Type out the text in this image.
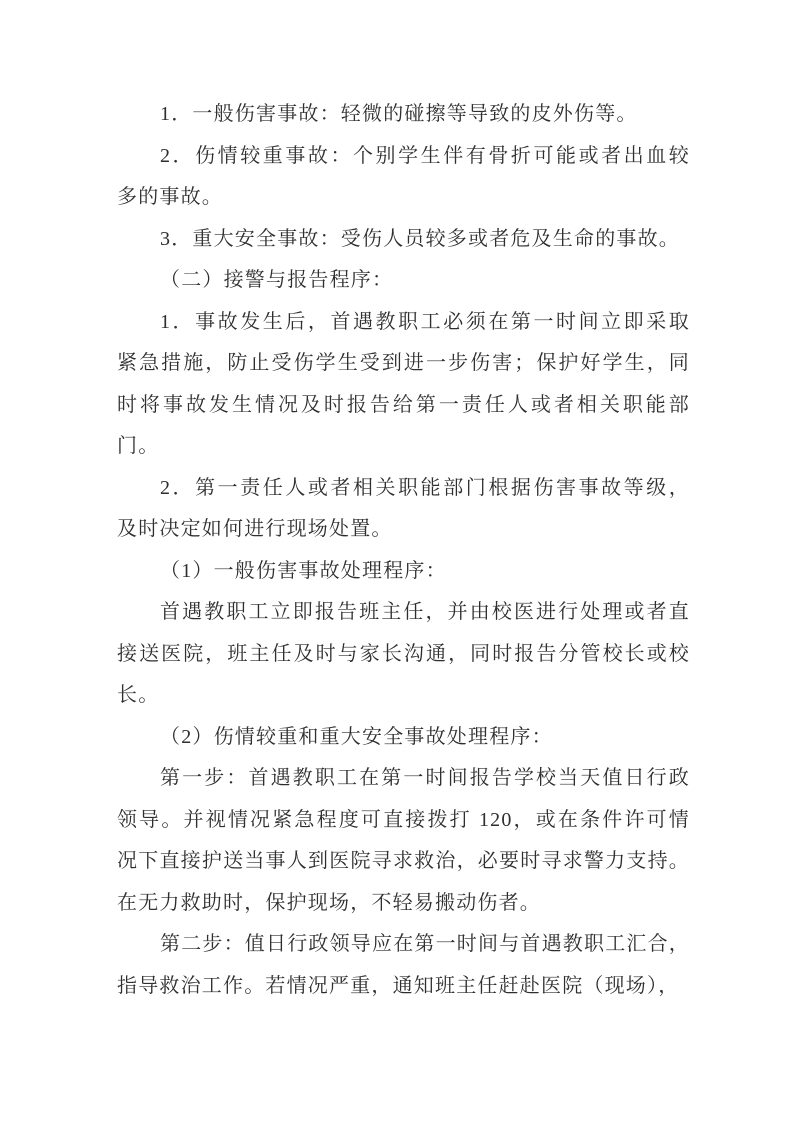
1．一般伤害事故：轻微的碰擦等导致的皮外伤等。
2．伤情较重事故：个别学生伴有骨折可能或者出血较
多的事故。
3．重大安全事故：受伤人员较多或者危及生命的事故。
（二）接警与报告程序：
1．事故发生后，首遇教职工必须在第一时间立即采取
紧急措施，防止受伤学生受到进一步伤害；保护好学生，同
时将事故发生情况及时报告给第一责任人或者相关职能部
门。
2．第一责任人或者相关职能部门根据伤害事故等级，
及时决定如何进行现场处置。
（1）一般伤害事故处理程序：
首遇教职工立即报告班主任，并由校医进行处理或者直
接送医院，班主任及时与家长沟通，同时报告分管校长或校
长。
（2）伤情较重和重大安全事故处理程序：
第一步：首遇教职工在第一时间报告学校当天值日行政
领导。并视情况紧急程度可直接拨打 120，或在条件许可情
况下直接护送当事人到医院寻求救治，必要时寻求警力支持。
在无力救助时，保护现场，不轻易搬动伤者。
第二步：值日行政领导应在第一时间与首遇教职工汇合，
指导救治工作。若情况严重，通知班主任赶赴医院（现场），
